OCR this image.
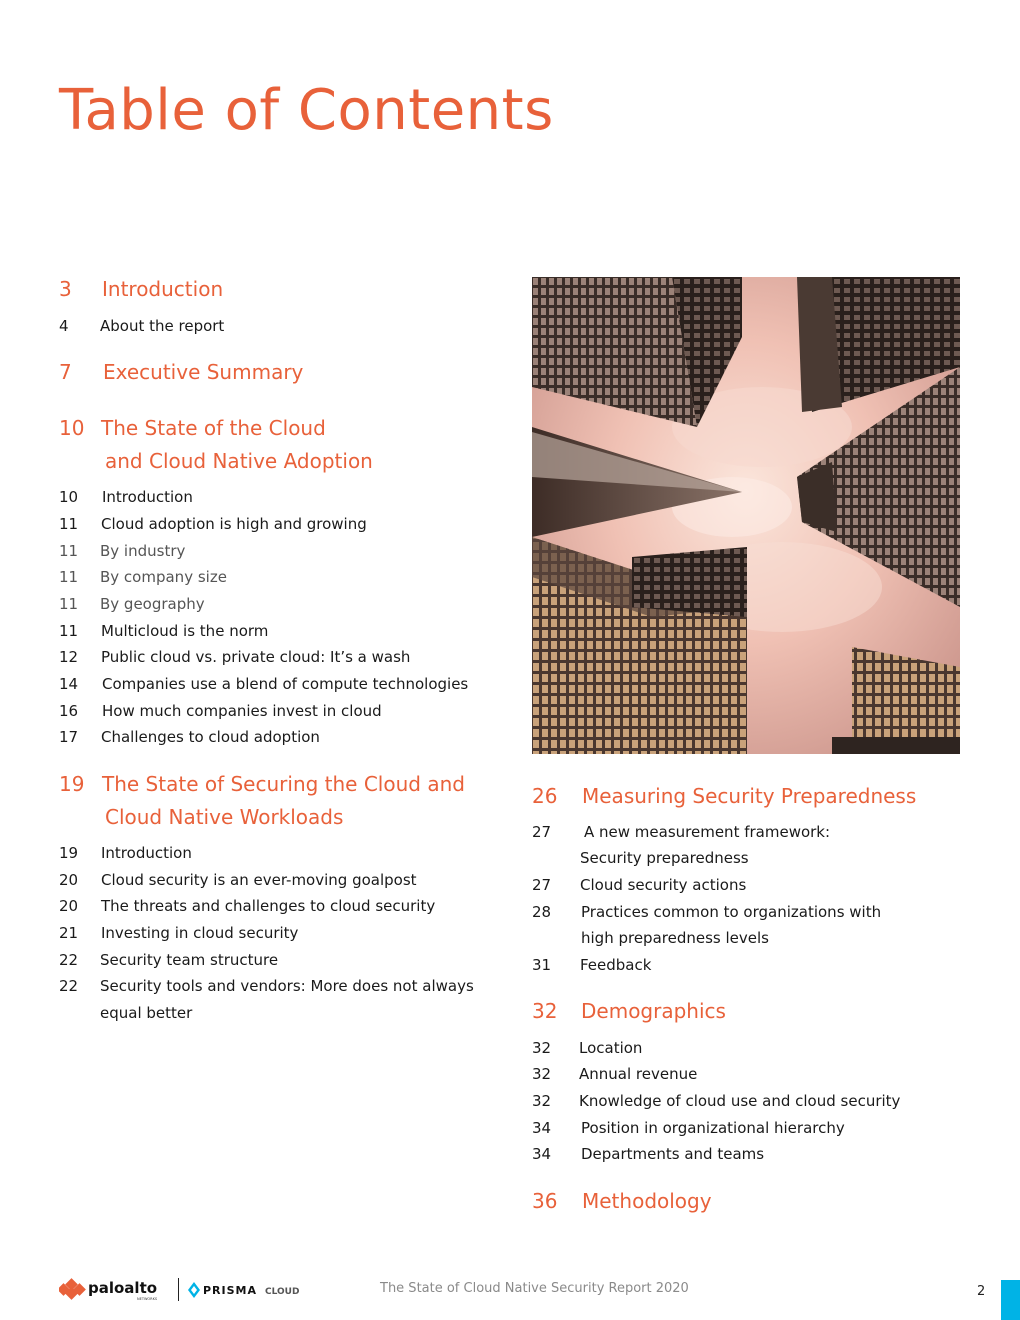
Table of Contents
3 Introduction
4 About the report
7 Executive Summary
10 The State of the Cloud
and Cloud Native Adoption
10 Introduction
11 Cloud adoption is high and growing
11 By industry
11 By company size
11 By geography
11 Multicloud is the norm
12 Public cloud vs. private cloud: It’s a wash
14 Companies use a blend of compute technologies
16 How much companies invest in cloud
17 Challenges to cloud adoption
19 The State of Securing the Cloud and
Cloud Native Workloads
19 Introduction
20 Cloud security is an ever-moving goalpost
20 The threats and challenges to cloud security
21 Investing in cloud security
22 Security team structure
22 Security tools and vendors: More does not always
equal better
26 Measuring Security Preparedness
27 A new measurement framework:
Security preparedness
27 Cloud security actions
28 Practices common to organizations with
high preparedness levels
31 Feedback
32 Demographics
32 Location
32 Annual revenue
32 Knowledge of cloud use and cloud security
34 Position in organizational hierarchy
34 Departments and teams
36 Methodology
paloalto
NETWORKS
PRISMA CLOUD	The State of Cloud Native Security Report 2020	2
